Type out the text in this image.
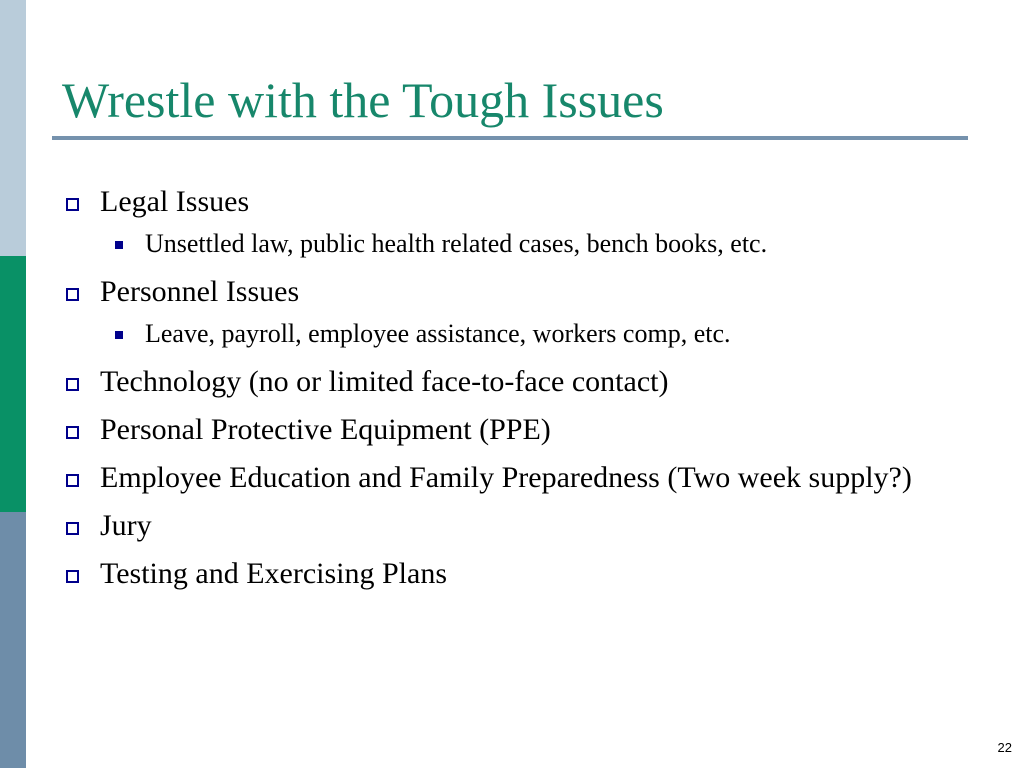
Wrestle with the Tough Issues
Legal Issues
Unsettled law, public health related cases, bench books, etc.
Personnel Issues
Leave, payroll, employee assistance, workers comp, etc.
Technology (no or limited face-to-face contact)
Personal Protective Equipment (PPE)
Employee Education and Family Preparedness (Two week supply?)
Jury
Testing and Exercising Plans
22
